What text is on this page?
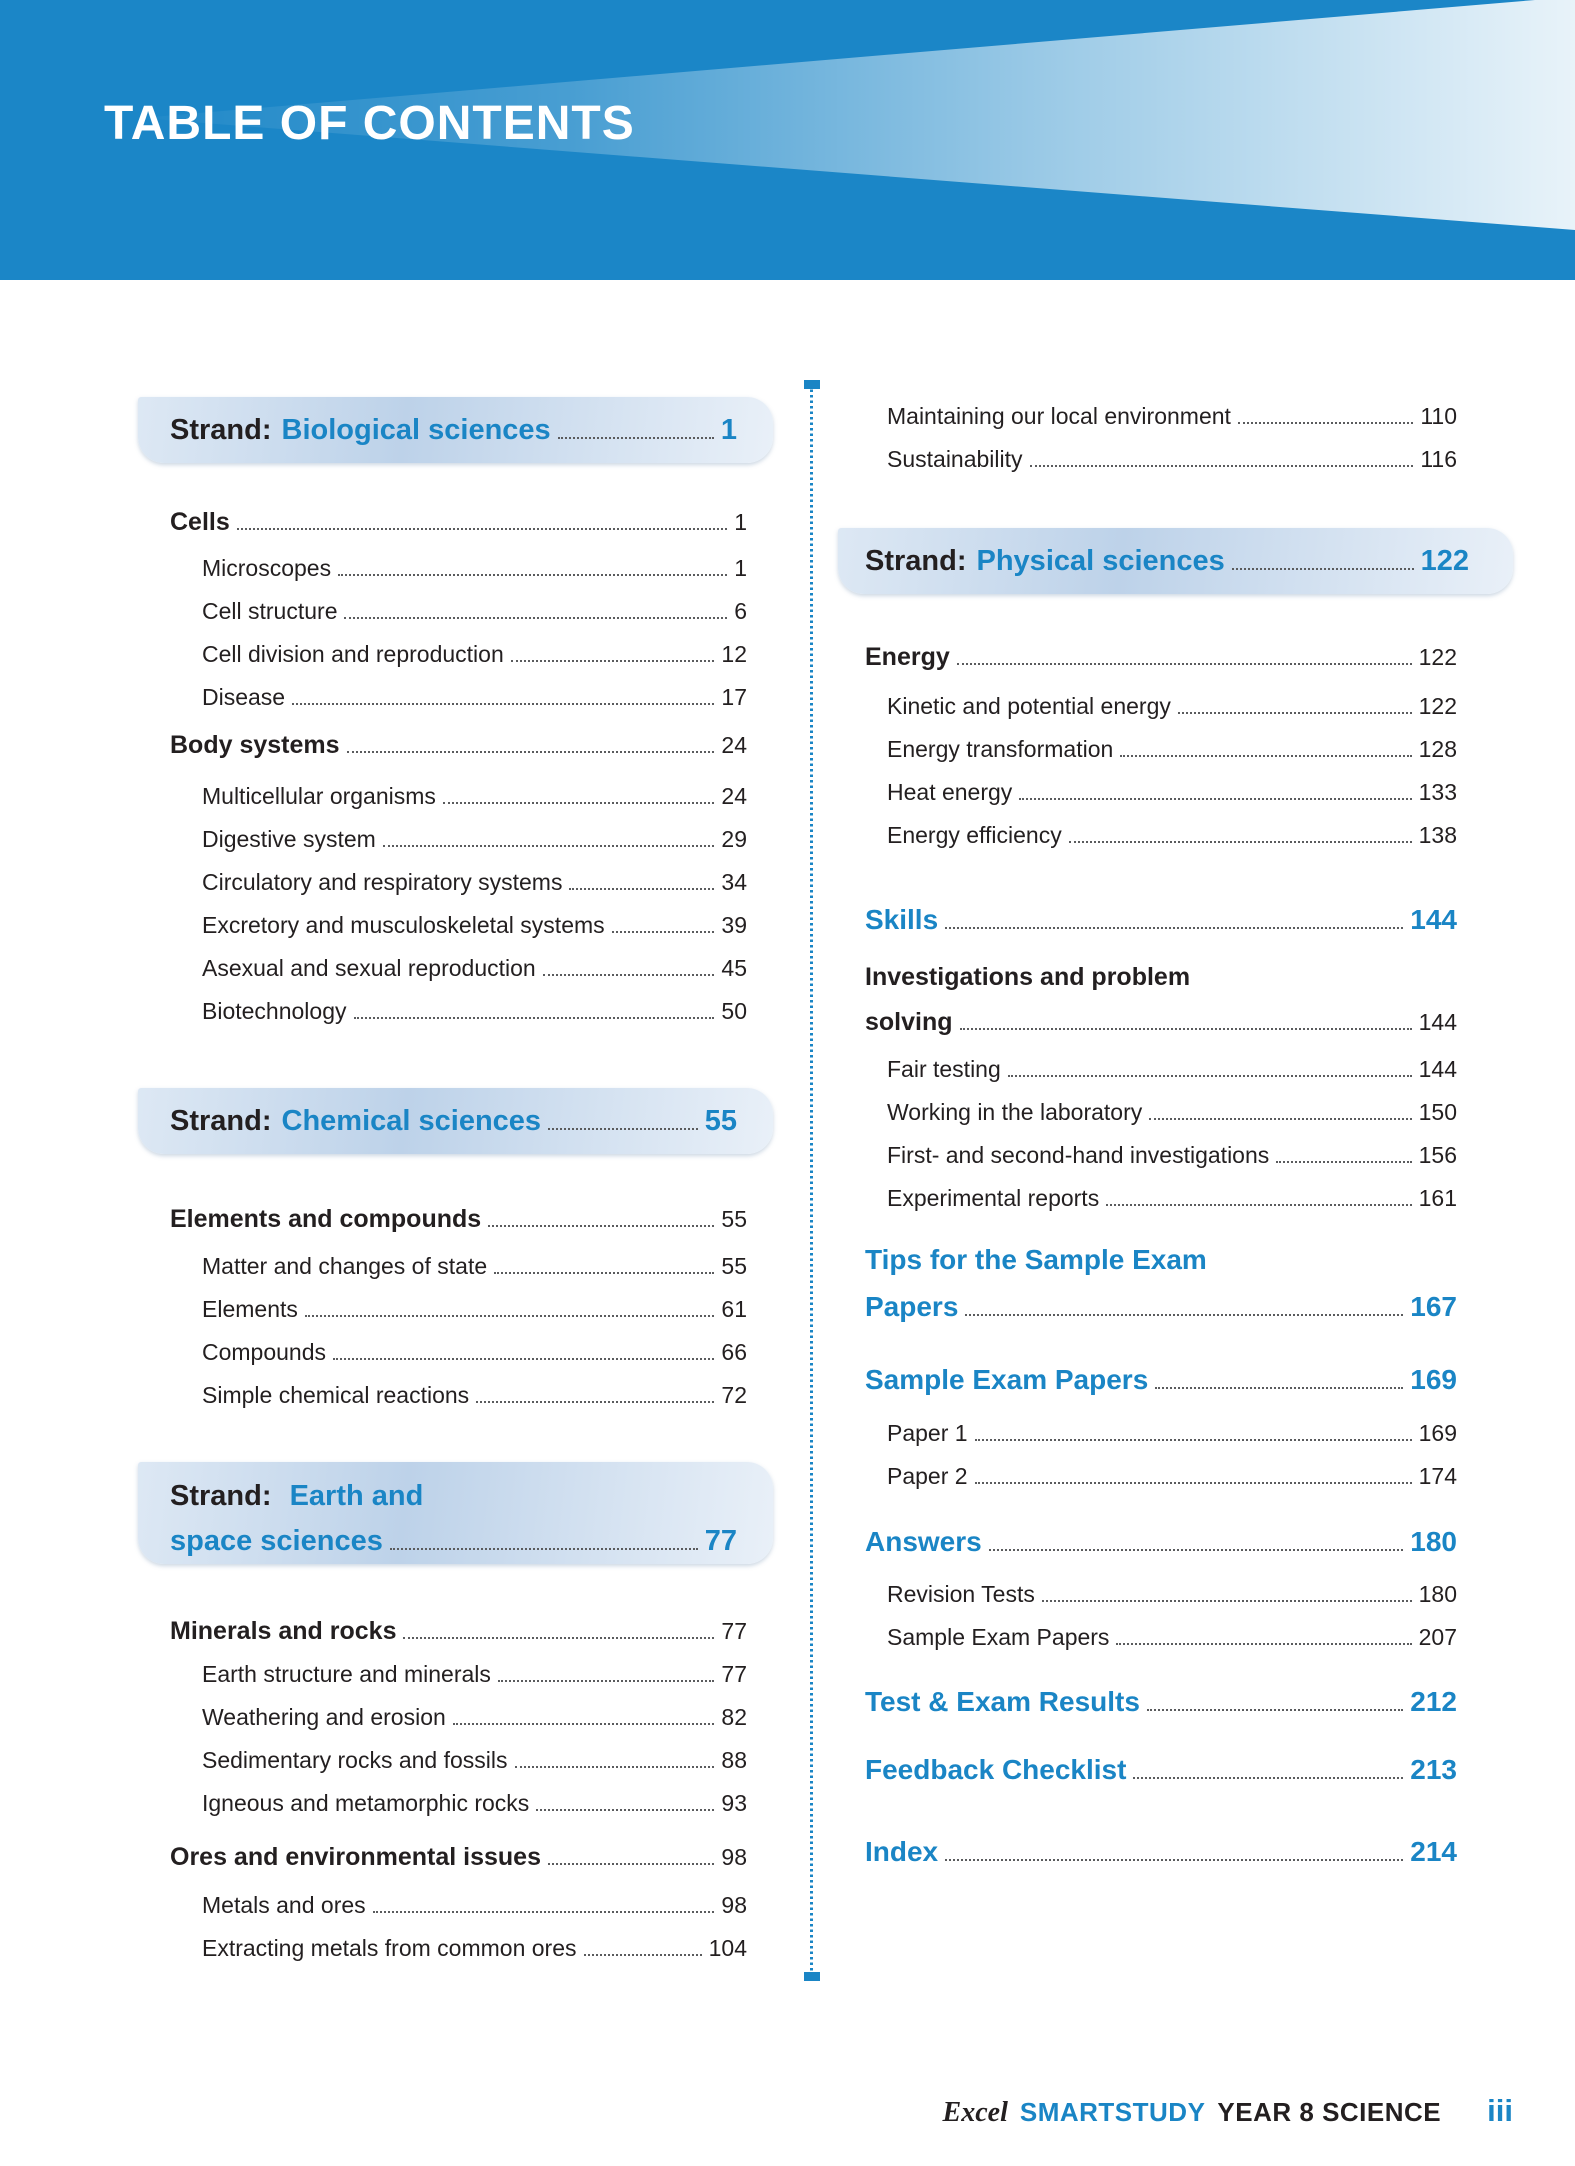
TABLE OF CONTENTS
Strand: Biological sciences	1
Cells	1
Microscopes	1
Cell structure	6
Cell division and reproduction	12
Disease	17
Body systems	24
Multicellular organisms	24
Digestive system	29
Circulatory and respiratory systems	34
Excretory and musculoskeletal systems	39
Asexual and sexual reproduction	45
Biotechnology	50
Strand: Chemical sciences	55
Elements and compounds	55
Matter and changes of state	55
Elements	61
Compounds	66
Simple chemical reactions	72
Strand: Earth and
space sciences	77
Minerals and rocks	77
Earth structure and minerals	77
Weathering and erosion	82
Sedimentary rocks and fossils	88
Igneous and metamorphic rocks	93
Ores and environmental issues	98
Metals and ores	98
Extracting metals from common ores	104
Maintaining our local environment	110
Sustainability	116
Strand: Physical sciences	122
Energy	122
Kinetic and potential energy	122
Energy transformation	128
Heat energy	133
Energy efficiency	138
Skills	144
Investigations and problem
solving	144
Fair testing	144
Working in the laboratory	150
First- and second-hand investigations	156
Experimental reports	161
Tips for the Sample Exam
Papers	167
Sample Exam Papers	169
Paper 1	169
Paper 2	174
Answers	180
Revision Tests	180
Sample Exam Papers	207
Test & Exam Results	212
Feedback Checklist	213
Index	214
Excel SMARTSTUDY YEAR 8 SCIENCE iii
